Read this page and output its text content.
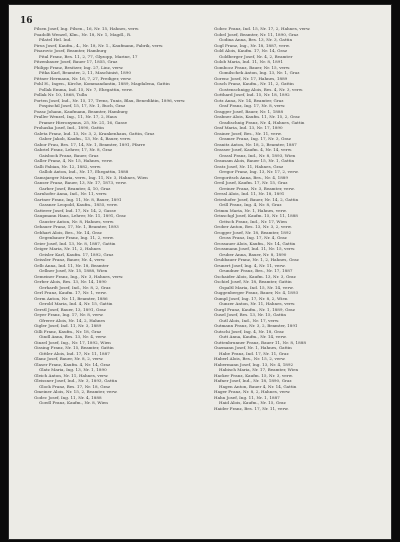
16
Pilsen Josef, Ing. Pilsen., 16, Nr. 15, Hahnes, verw.
Poadolfi Wenzel, Klm., Nr. 18, Nr. 1, Magdl., R.
Pilatel Hel. Ind.
Pirus Josef, Kaufm., 4., Nr. 18, Nr. 1., Kaufmann, Fabrik, verw.
Pisarovic Josef, Beamter, Hamburg
Pital Franz, Bes. 11, 2, 77, Glyzopp, Marine, 17
Pitzenbauer Josef, Bauer 17, 1855, Graz
Philipp Franz, Besitzer, Ing. 27, Linz, verw.
Pitka Karl, Beamter, 2, 11, Maschinist, 1890
Pittner Hermann, Nr. 16, 7, 27, Prediger, verw.
Pohl H., Ingen., Kirche, Kommandantin, 1889, Magdalena, Gattin
Pollak Emma, Ind. 15, Nr. 7, Ehegattin, verw.
Pollak Nr. 10, 1868, Tulln
Porten Josef, Ind., Nr. 15, 17, Trens, Tunis, Blau, Benediktin, 1896, verw.
Pospischil Josef, 15, 17, Nr. 1, Buch, Graz
Pozaz Johann, Kaufmann, Beamter, Hamburg
Praller Wenzel, Ing., 11, Nr. 17, 2, Haus
Pramer Hieronymus, 25, Nr. 21, 16, Gasse
Prohaska Josef, Ind., 1890, Gattin
Galeta Franz, Ind. 13, Nr. 3, 2, Krankenhaus, Gattin, Graz
Gaber Jakob, Kaufm., 13, Nr. 4, Bauer, verw.
Gabor Frau, Bes. 17, 14, Nr. 1, Beamter, 1891, Pfarre
Gabriel Franz, Lehrer, 17, Nr. 8, Graz
Gaisbock Franz, Bauer, Graz
Galler Franz, 4, Nr. 15, Hahnes, verw.
Galli Fabian, Nr. 12, 1882, verw.
Gallob Anton, Ind., Nr. 17, Ehegattin, 1888
Gamsjaeger Maria, verw., Ing. 11, Nr. 3, Hahnes, Wien
Ganser Franz, Bauer, 13, Nr. 17, 1873, verw.
Garber Josef, Beamter, 4, 10, Graz
Garnhofer Anna, Ind., Nr. 11, verw.
Gartner Franz, Ing. 11, Nr. 8, Bauer, 1891
Gassner Leopold, Kaufm., 1855, verw.
Gatterer Josef, Ind. 17, Nr. 14, 2, Gasse
Gaupmann Hans, Lehrer, Nr. 11, 1891, Graz
Gauster Anton, Nr. 8, Hahnes, verw.
Gebauer Franz, 17, Nr. 1, Beamter, 1893
Gebhart Alois, Bes., Nr. 14, Graz
Gegenbauer Franz, Ing. 11, 2, verw.
Geier Josef, Ind. 13, Nr. 8, 1887, Gattin
Geiger Maria, Nr. 11, 2, Hahnes
Geisler Karl, Kaufm. 17, 1892, Graz
Geissler Franz, Bauer, Nr. 4, verw.
Gelb Anna, Ind. 11, Nr. 18, Beamter
Gellner Josef, Nr. 15, 1888, Wien
Gemeiner Franz, Ing., Nr. 3, Hahnes, verw.
Gerber Alois, Bes. 13, Nr. 14, 1890
Gerhardt Josef, Ind., Nr. 8, 2, Graz
Gerl Franz, Kaufm. 17, Nr. 1, verw.
Germ Anton, Nr. 11, Beamter, 1886
Gerold Maria, Ind. 4, Nr. 15, Gattin
Gerstl Josef, Bauer, 13, 1891, Graz
Geyer Franz, Ing. 17, Nr. 8, verw.
Gfrerer Alois, Nr. 14, 2, Hahnes
Gigler Josef, Ind. 11, Nr. 3, 1889
Gilli Franz, Kaufm., Nr. 18, Graz
Gindl Anna, Bes. 13, Nr. 4, verw.
Ginzel Josef, Ing., Nr. 17, 1892, Wien
Gissing Franz, Nr. 15, Beamter, Gattin
Gittler Alois, Ind. 17, Nr. 11, 1887
Glanz Josef, Bauer, Nr. 8, 2, verw.
Glaser Franz, Kaufm. 4, Nr. 14, Graz
Glatz Maria, Ing. 13, Nr. 1, 1890
Gleich Anton, Nr. 11, Hahnes, verw.
Gleissner Josef, Ind., Nr. 3, 1893, Gattin
Glock Franz, Bes. 17, Nr. 18, Graz
Gmeiner Alois, Nr. 15, 2, Beamter, verw.
Godec Josef, Ing. 11, Nr. 4, 1888
Goedl Franz, Kaufm., Nr. 8, Wien
Gobec Franz, Ind. 15, Nr. 17, 2, Hahnes, verw.
Gobel Josef, Beamter, Nr. 11, 1890, Graz
Godina Anna, Bes. 13, Nr. 3, Gattin
Gogl Franz, Ing., Nr. 18, 1887, verw.
Gold Alois, Kaufm. 17, Nr. 14, Graz
Goldberger Josef, Nr. 4, 2, Beamter
Golob Maria, Ind. 11, Nr. 8, 1891
Gombocz Franz, Bauer, Nr. 15, verw.
Gomilschek Anton, Ing. 13, Nr. 1, Graz
Gorenc Josef, Nr. 17, Hahnes, 1889
Gosch Franz, Kaufm., Nr. 11, 2, Gattin
Gostenschnigg Alois, Bes. 4, Nr. 3, verw.
Gotthard Josef, Ind. 15, Nr. 18, 1892
Gotz Anna, Nr. 14, Beamter, Graz
Graf Franz, Ing. 17, Nr. 8, verw.
Gragger Josef, Bauer, Nr. 1, 1888
Grabner Alois, Kaufm. 11, Nr. 15, 2, Graz
Gradischnig Franz, Nr. 4, Hahnes, Gattin
Graf Maria, Ind. 13, Nr. 17, 1890
Grainer Josef, Bes., Nr. 11, verw.
Gramer Franz, Ing. 17, Nr. 3, Graz
Granitz Anton, Nr. 18, 2, Beamter, 1887
Grasser Josef, Kaufm. 4, Nr. 14, verw.
Grassl Franz, Ind., Nr. 8, 1893, Wien
Grausam Alois, Bauer 15, Nr. 1, Gattin
Gratz Josef, Nr. 11, Hahnes, Graz
Gregor Franz, Ing. 13, Nr. 17, 2, verw.
Gregoritsch Anna, Bes., Nr. 4, 1889
Greil Josef, Kaufm. 17, Nr. 15, Graz
Greiner Franz, Nr. 3, Beamter, verw.
Gressl Alois, Ind. 11, Nr. 18, 1891
Grieshofer Josef, Bauer, Nr. 14, 2, Gattin
Grill Franz, Ing. 4, Nr. 8, Graz
Grimm Maria, Nr. 1, Hahnes, verw.
Grinschgl Josef, Kaufm. 15, Nr. 11, 1888
Gritsch Franz, Ind., Nr. 17, Wien
Grober Anton, Bes. 13, Nr. 3, 2, verw.
Grogger Josef, Nr. 18, Beamter, 1892
Gross Franz, Ing. 17, Nr. 4, Graz
Grossauer Alois, Kaufm., Nr. 14, Gattin
Grossmann Josef, Ind. 11, Nr. 15, verw.
Gruber Anna, Bauer, Nr. 8, 1890
Grubbauer Franz, Nr. 1, 2, Hahnes, Graz
Grunert Josef, Ing. 4, Nr. 11, verw.
Grundner Franz, Bes., Nr. 17, 1887
Gschaider Alois, Kaufm. 13, Nr. 3, Graz
Gschiel Josef, Nr. 18, Beamter, Gattin
Gspaltl Maria, Ind. 15, Nr. 14, verw.
Guggenberger Franz, Bauer, Nr. 4, 1893
Gumpl Josef, Ing. 17, Nr. 8, 2, Wien
Gunzer Anton, Nr. 11, Hahnes, verw.
Gurgl Franz, Kaufm., Nr. 1, 1889, Graz
Gusel Josef, Bes. 13, Nr. 15, Gattin
Gutl Alois, Ind., Nr. 17, verw.
Gutmann Franz, Nr. 3, 2, Beamter, 1891
Gutschi Josef, Ing. 4, Nr. 18, Graz
Gutt Anna, Kaufm., Nr. 14, verw.
Guttenbrunner Franz, Bauer 11, Nr. 8, 1888
Guzmann Josef, Nr. 1, Hahnes, Gattin
Habe Franz, Ind. 17, Nr. 11, Graz
Haberl Alois, Bes., Nr. 15, 2, verw.
Habermann Josef, Ing. 13, Nr. 4, 1892
Habisch Maria, Nr. 17, Beamter, Wien
Hacker Franz, Kaufm. 15, Nr. 3, verw.
Hafner Josef, Ind., Nr. 18, 1890, Graz
Hagen Anton, Bauer 4, Nr. 14, Gattin
Hager Franz, Nr. 8, 2, Hahnes, verw.
Hahn Josef, Ing. 11, Nr. 1, 1887
Haid Alois, Kaufm., Nr. 15, Graz
Haider Franz, Bes. 17, Nr. 11, verw.
